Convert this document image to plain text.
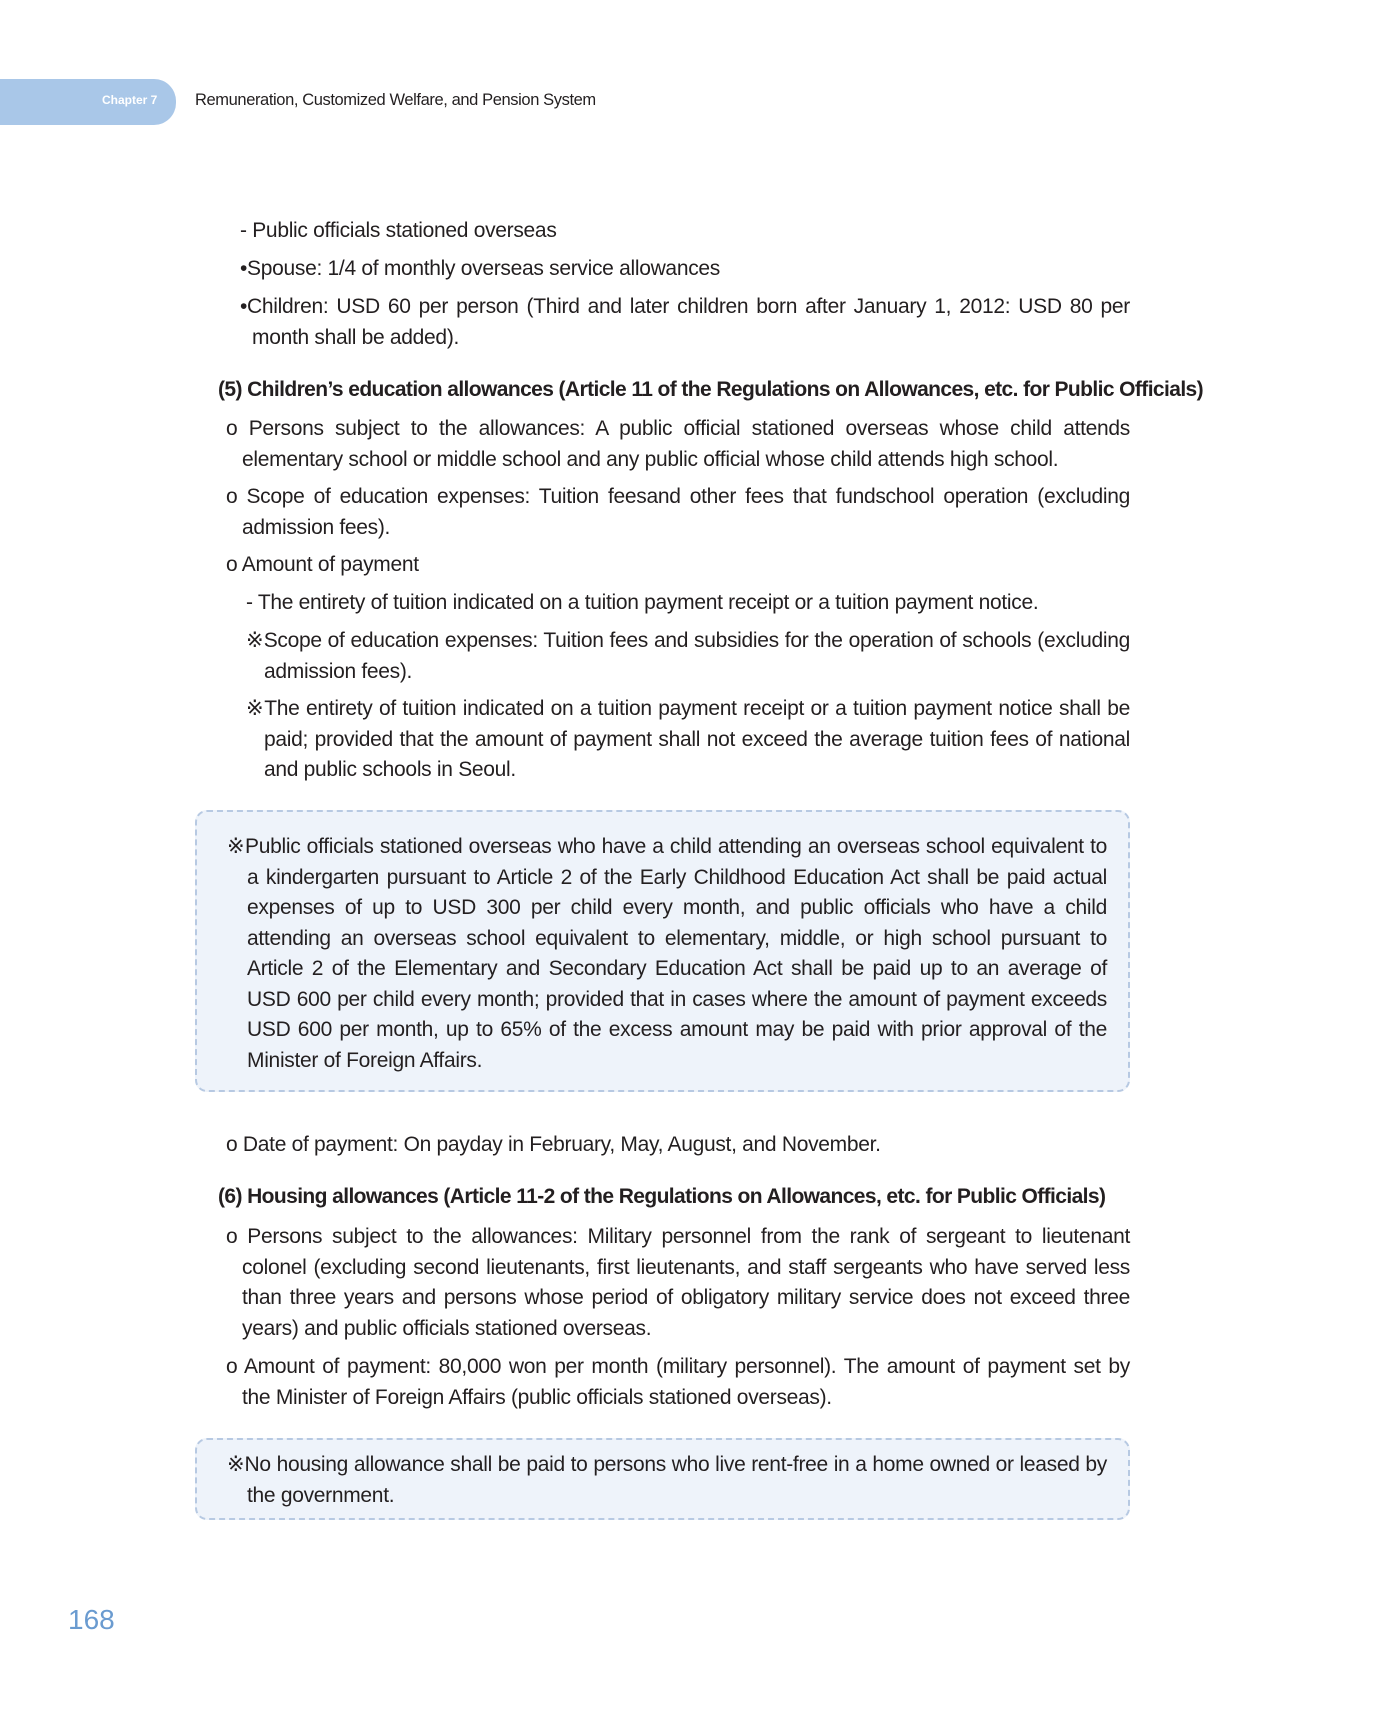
Chapter 7 Remuneration, Customized Welfare, and Pension System
- Public officials stationed overseas
•Spouse: 1/4 of monthly overseas service allowances
•Children: USD 60 per person (Third and later children born after January 1, 2012: USD 80 per month shall be added).
(5) Children’s education allowances (Article 11 of the Regulations on Allowances, etc. for Public Officials)
o Persons subject to the allowances: A public official stationed overseas whose child attends elementary school or middle school and any public official whose child attends high school.
o Scope of education expenses: Tuition feesand other fees that fundschool operation (excluding admission fees).
o Amount of payment
- The entirety of tuition indicated on a tuition payment receipt or a tuition payment notice.
※Scope of education expenses: Tuition fees and subsidies for the operation of schools (excluding admission fees).
※The entirety of tuition indicated on a tuition payment receipt or a tuition payment notice shall be paid; provided that the amount of payment shall not exceed the average tuition fees of national and public schools in Seoul.
※Public officials stationed overseas who have a child attending an overseas school equivalent to a kindergarten pursuant to Article 2 of the Early Childhood Education Act shall be paid actual expenses of up to USD 300 per child every month, and public officials who have a child attending an overseas school equivalent to elementary, middle, or high school pursuant to Article 2 of the Elementary and Secondary Education Act shall be paid up to an average of USD 600 per child every month; provided that in cases where the amount of payment exceeds USD 600 per month, up to 65% of the excess amount may be paid with prior approval of the Minister of Foreign Affairs.
o Date of payment: On payday in February, May, August, and November.
(6) Housing allowances (Article 11-2 of the Regulations on Allowances, etc. for Public Officials)
o Persons subject to the allowances: Military personnel from the rank of sergeant to lieutenant colonel (excluding second lieutenants, first lieutenants, and staff sergeants who have served less than three years and persons whose period of obligatory military service does not exceed three years) and public officials stationed overseas.
o Amount of payment: 80,000 won per month (military personnel). The amount of payment set by the Minister of Foreign Affairs (public officials stationed overseas).
※No housing allowance shall be paid to persons who live rent-free in a home owned or leased by the government.
168
